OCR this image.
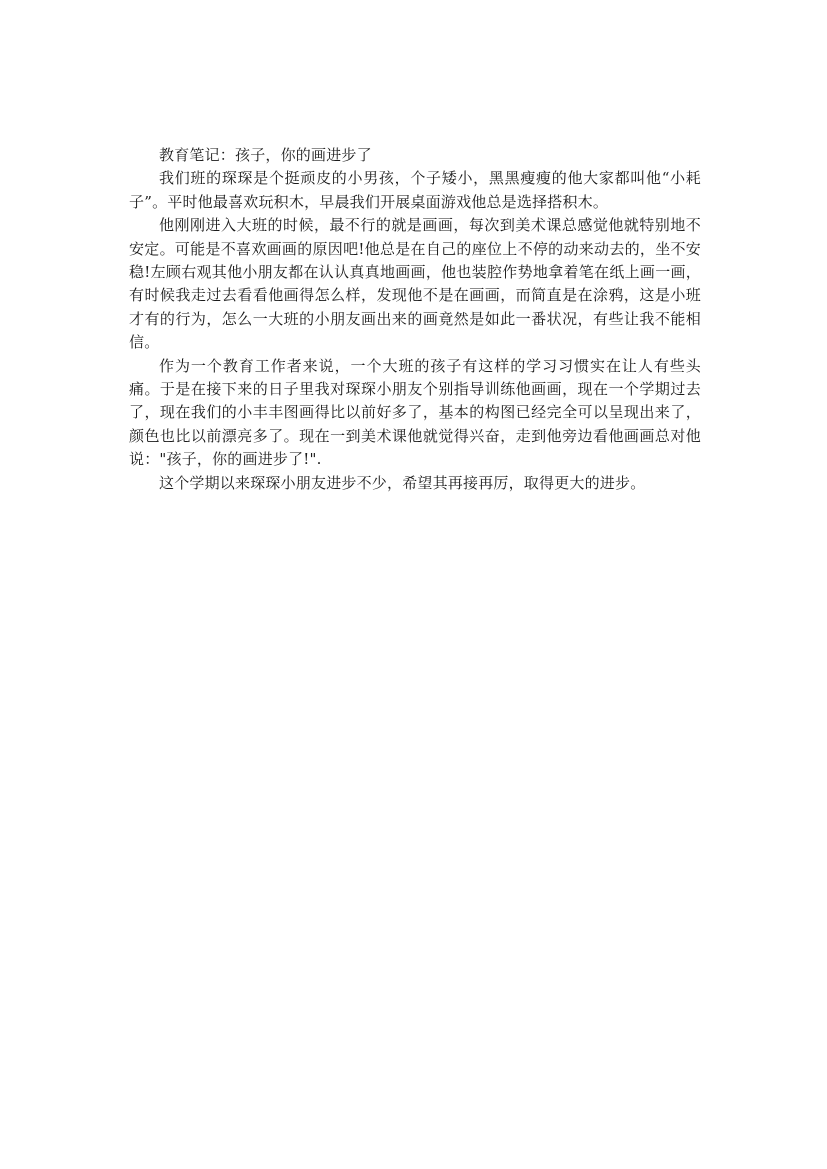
教育笔记：孩子，你的画进步了

我们班的琛琛是个挺顽皮的小男孩，个子矮小，黑黑瘦瘦的他大家都叫他“小耗子”。平时他最喜欢玩积木，早晨我们开展桌面游戏他总是选择搭积木。

他刚刚进入大班的时候，最不行的就是画画，每次到美术课总感觉他就特别地不安定。可能是不喜欢画画的原因吧!他总是在自己的座位上不停的动来动去的，坐不安稳!左顾右观其他小朋友都在认认真真地画画，他也装腔作势地拿着笔在纸上画一画，有时候我走过去看看他画得怎么样，发现他不是在画画，而简直是在涂鸦，这是小班才有的行为，怎么一大班的小朋友画出来的画竟然是如此一番状况，有些让我不能相信。

作为一个教育工作者来说，一个大班的孩子有这样的学习习惯实在让人有些头痛。于是在接下来的日子里我对琛琛小朋友个别指导训练他画画，现在一个学期过去了，现在我们的小丰丰图画得比以前好多了，基本的构图已经完全可以呈现出来了，颜色也比以前漂亮多了。现在一到美术课他就觉得兴奋，走到他旁边看他画画总对他说："孩子，你的画进步了!".

这个学期以来琛琛小朋友进步不少，希望其再接再厉，取得更大的进步。
